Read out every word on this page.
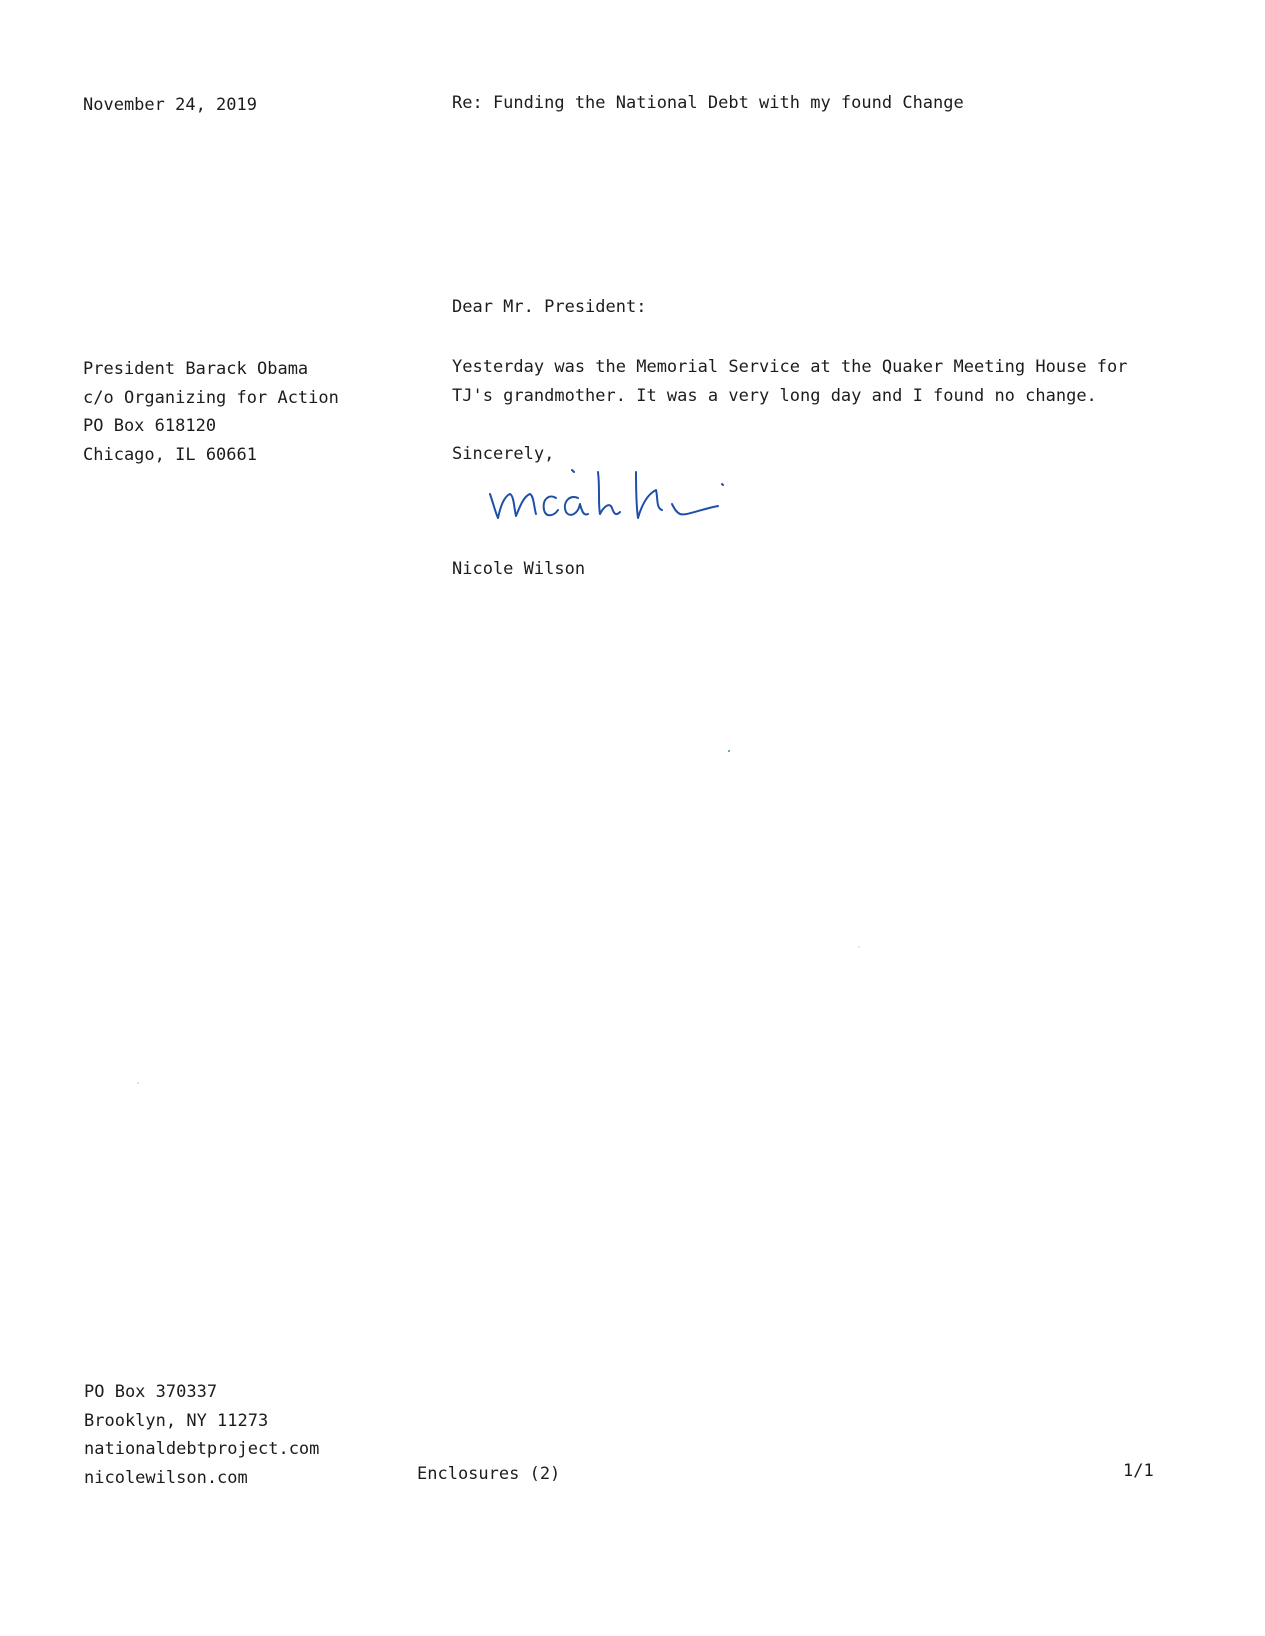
November 24, 2019	Re: Funding the National Debt with my found Change
Dear Mr. President:
President Barack Obama
c/o Organizing for Action
PO Box 618120
Chicago, IL 60661
Yesterday was the Memorial Service at the Quaker Meeting House for
TJ's grandmother. It was a very long day and I found no change.
Sincerely,
Nicole Wilson
PO Box 370337
Brooklyn, NY 11273
nationaldebtproject.com
nicolewilson.com	Enclosures (2)	1/1
